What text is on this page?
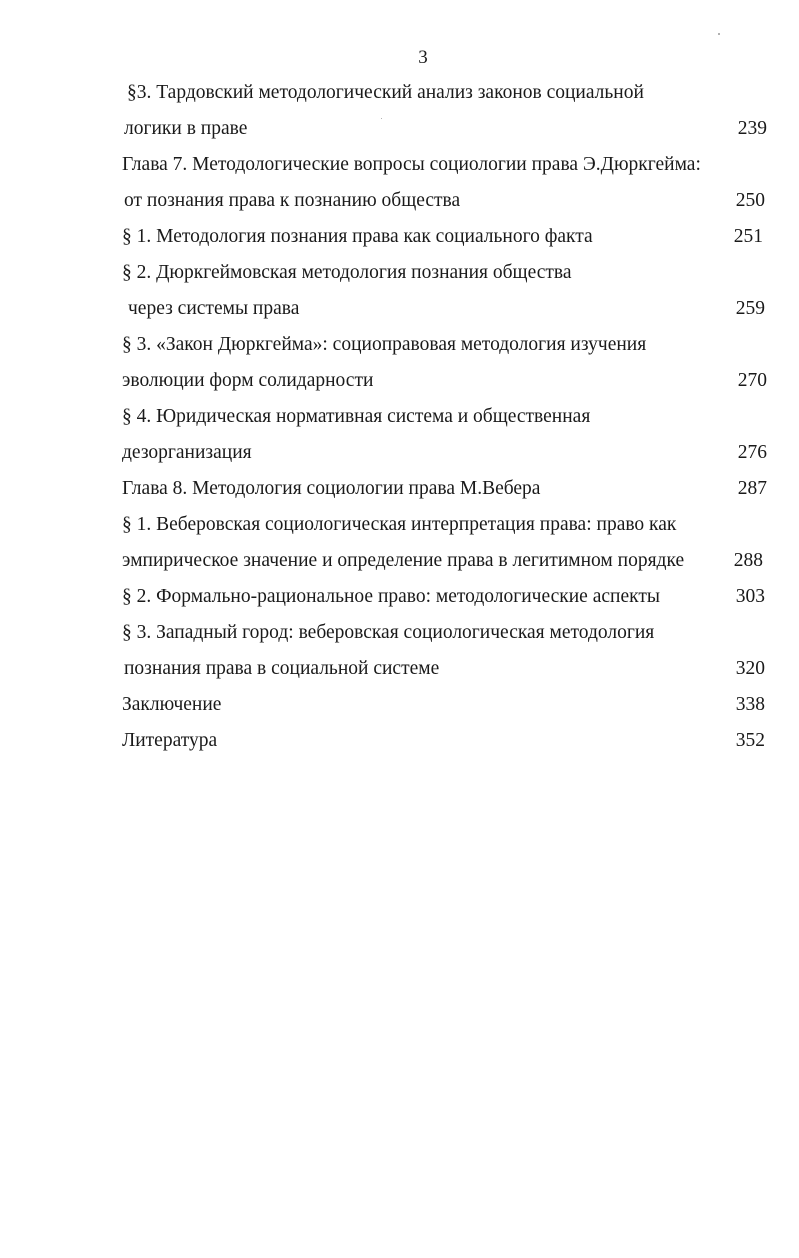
3
§3. Тардовский методологический анализ законов социальной
логики в праве	239
Глава 7. Методологические вопросы социологии права Э.Дюркгейма:
от познания права к познанию общества	250
§ 1. Методология познания права как социального факта	251
§ 2. Дюркгеймовская методология познания общества
через системы права	259
§ 3. «Закон Дюркгейма»: социоправовая методология изучения
эволюции форм солидарности	270
§ 4. Юридическая нормативная система и общественная
дезорганизация	276
Глава 8. Методология социологии права М.Вебера	287
§ 1. Веберовская социологическая интерпретация права: право как
эмпирическое значение и определение права в легитимном порядке	288
§ 2. Формально-рациональное право: методологические аспекты	303
§ 3. Западный город: веберовская социологическая методология
познания права в социальной системе	320
Заключение	338
Литература	352
